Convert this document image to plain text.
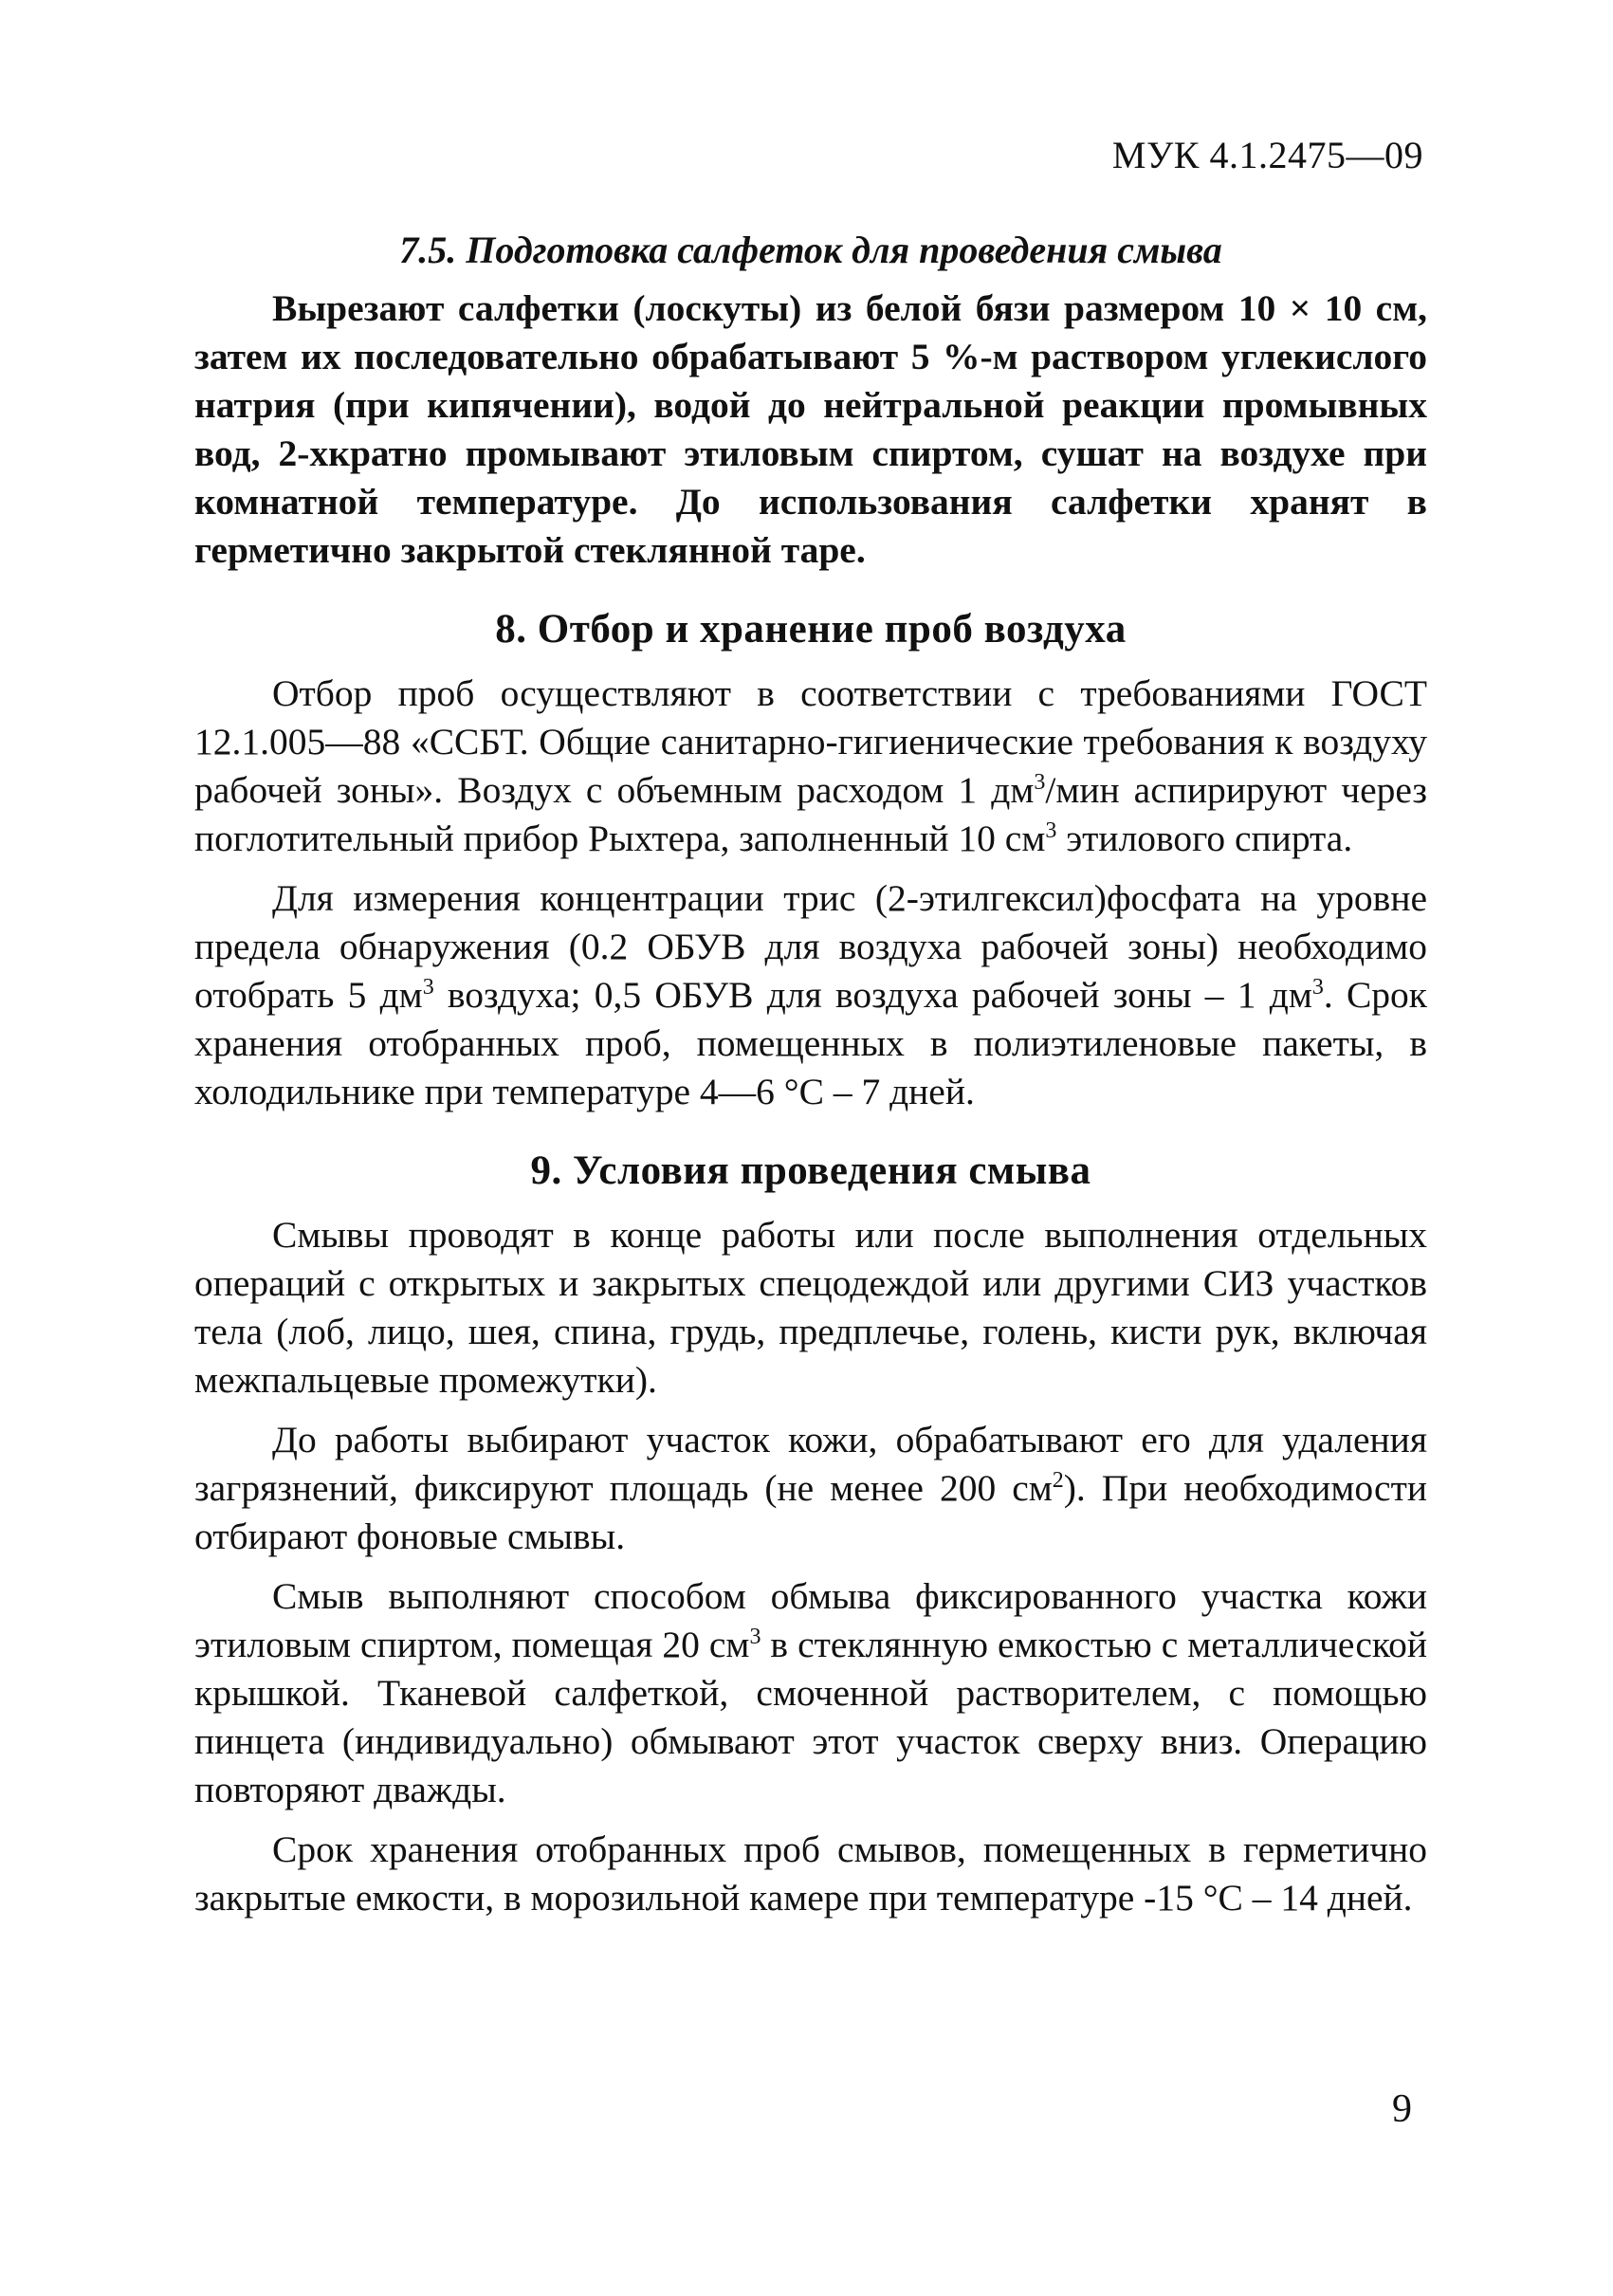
МУК 4.1.2475—09
7.5. Подготовка салфеток для проведения смыва

Вырезают салфетки (лоскуты) из белой бязи размером 10 × 10 см, затем их последовательно обрабатывают 5 %-м раствором углекислого натрия (при кипячении), водой до нейтральной реакции промывных вод, 2-хкратно промывают этиловым спиртом, сушат на воздухе при комнатной температуре. До использования салфетки хранят в герметично закрытой стеклянной таре.

8. Отбор и хранение проб воздуха

Отбор проб осуществляют в соответствии с требованиями ГОСТ 12.1.005—88 «ССБТ. Общие санитарно-гигиенические требования к воздуху рабочей зоны». Воздух с объемным расходом 1 $дм^3$/мин аспирируют через поглотительный прибор Рыхтера, заполненный 10 $см^3$ этилового спирта.

Для измерения концентрации трис (2-этилгексил)фосфата на уровне предела обнаружения (0.2 ОБУВ для воздуха рабочей зоны) необходимо отобрать 5 $дм^3$ воздуха; 0,5 ОБУВ для воздуха рабочей зоны – 1 $дм^3$. Срок хранения отобранных проб, помещенных в полиэтиленовые пакеты, в холодильнике при температуре 4—6 °С – 7 дней.

9. Условия проведения смыва

Смывы проводят в конце работы или после выполнения отдельных операций с открытых и закрытых спецодеждой или другими СИЗ участков тела (лоб, лицо, шея, спина, грудь, предплечье, голень, кисти рук, включая межпальцевые промежутки).

До работы выбирают участок кожи, обрабатывают его для удаления загрязнений, фиксируют площадь (не менее 200 $см^2$). При необходимости отбирают фоновые смывы.

Смыв выполняют способом обмыва фиксированного участка кожи этиловым спиртом, помещая 20 $см^3$ в стеклянную емкостью с металлической крышкой. Тканевой салфеткой, смоченной растворителем, с помощью пинцета (индивидуально) обмывают этот участок сверху вниз. Операцию повторяют дважды.

Срок хранения отобранных проб смывов, помещенных в герметично закрытые емкости, в морозильной камере при температуре -15 °С – 14 дней.

9
